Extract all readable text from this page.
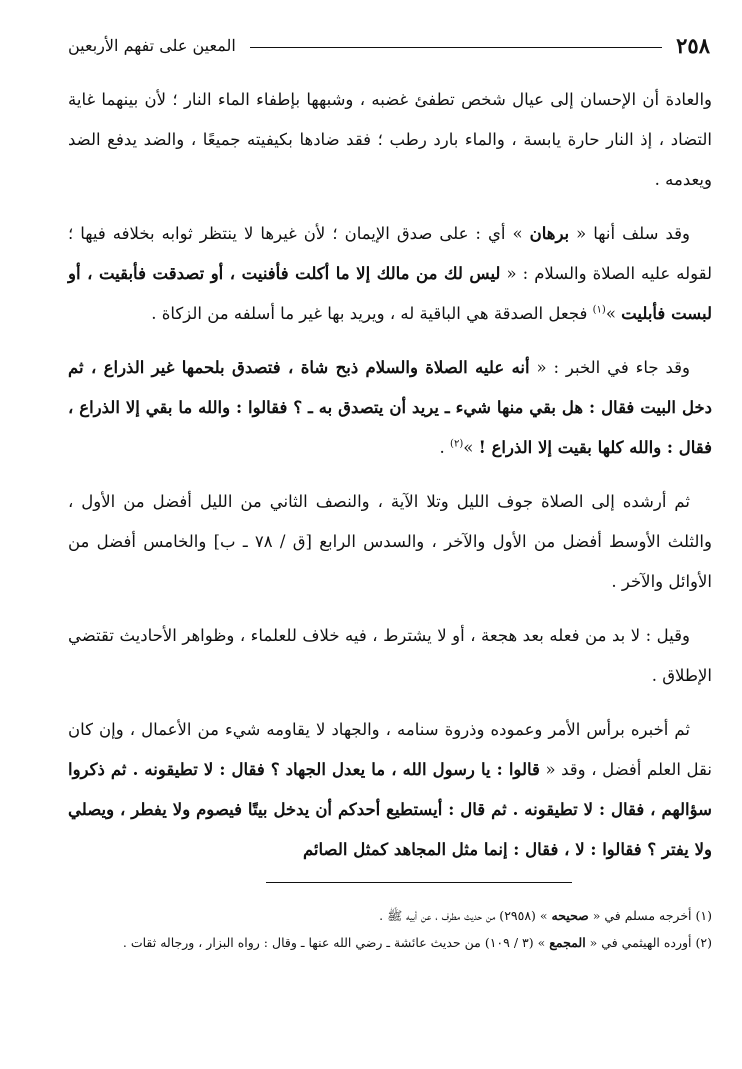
٢٥٨
المعين على تفهم الأربعين

والعادة أن الإحسان إلى عيال شخص تطفئ غضبه ، وشبهها بإطفاء الماء النار ؛ لأن بينهما غاية التضاد ، إذ النار حارة يابسة ، والماء بارد رطب ؛ فقد ضادها بكيفيته جميعًا ، والضد يدفع الضد ويعدمه .

وقد سلف أنها « برهان » أي : على صدق الإيمان ؛ لأن غيرها لا ينتظر ثوابه بخلافه فيها ؛ لقوله عليه الصلاة والسلام : « ليس لك من مالك إلا ما أكلت فأفنيت ، أو تصدقت فأبقيت ، أو لبست فأبليت »$^{(١)}$ فجعل الصدقة هي الباقية له ، ويريد بها غير ما أسلفه من الزكاة .

وقد جاء في الخبر : « أنه عليه الصلاة والسلام ذبح شاة ، فتصدق بلحمها غير الذراع ، ثم دخل البيت فقال : هل بقي منها شيء ـ يريد أن يتصدق به ـ ؟ فقالوا : والله ما بقي إلا الذراع ، فقال : والله كلها بقيت إلا الذراع ! »$^{(٢)}$ .

ثم أرشده إلى الصلاة جوف الليل وتلا الآية ، والنصف الثاني من الليل أفضل من الأول ، والثلث الأوسط أفضل من الأول والآخر ، والسدس الرابع [ق / ٧٨ ـ ب] والخامس أفضل من الأوائل والآخر .

وقيل : لا بد من فعله بعد هجعة ، أو لا يشترط ، فيه خلاف للعلماء ، وظواهر الأحاديث تقتضي الإطلاق .

ثم أخبره برأس الأمر وعموده وذروة سنامه ، والجهاد لا يقاومه شيء من الأعمال ، وإن كان نقل العلم أفضل ، وقد « قالوا : يا رسول الله ، ما يعدل الجهاد ؟ فقال : لا تطيقونه . ثم ذكروا سؤالهم ، فقال : لا تطيقونه . ثم قال : أيستطيع أحدكم أن يدخل بيتًا فيصوم ولا يفطر ، ويصلي ولا يفتر ؟ فقالوا : لا ، فقال : إنما مثل المجاهد كمثل الصائم

(١) أخرجه مسلم في « صحيحه » (٢٩٥٨) من حديث مطرف ، عن أبيه ﷺ .

(٢) أورده الهيثمي في « المجمع » (٣ / ١٠٩) من حديث عائشة ـ رضي الله عنها ـ وقال : رواه البزار ، ورجاله ثقات .
